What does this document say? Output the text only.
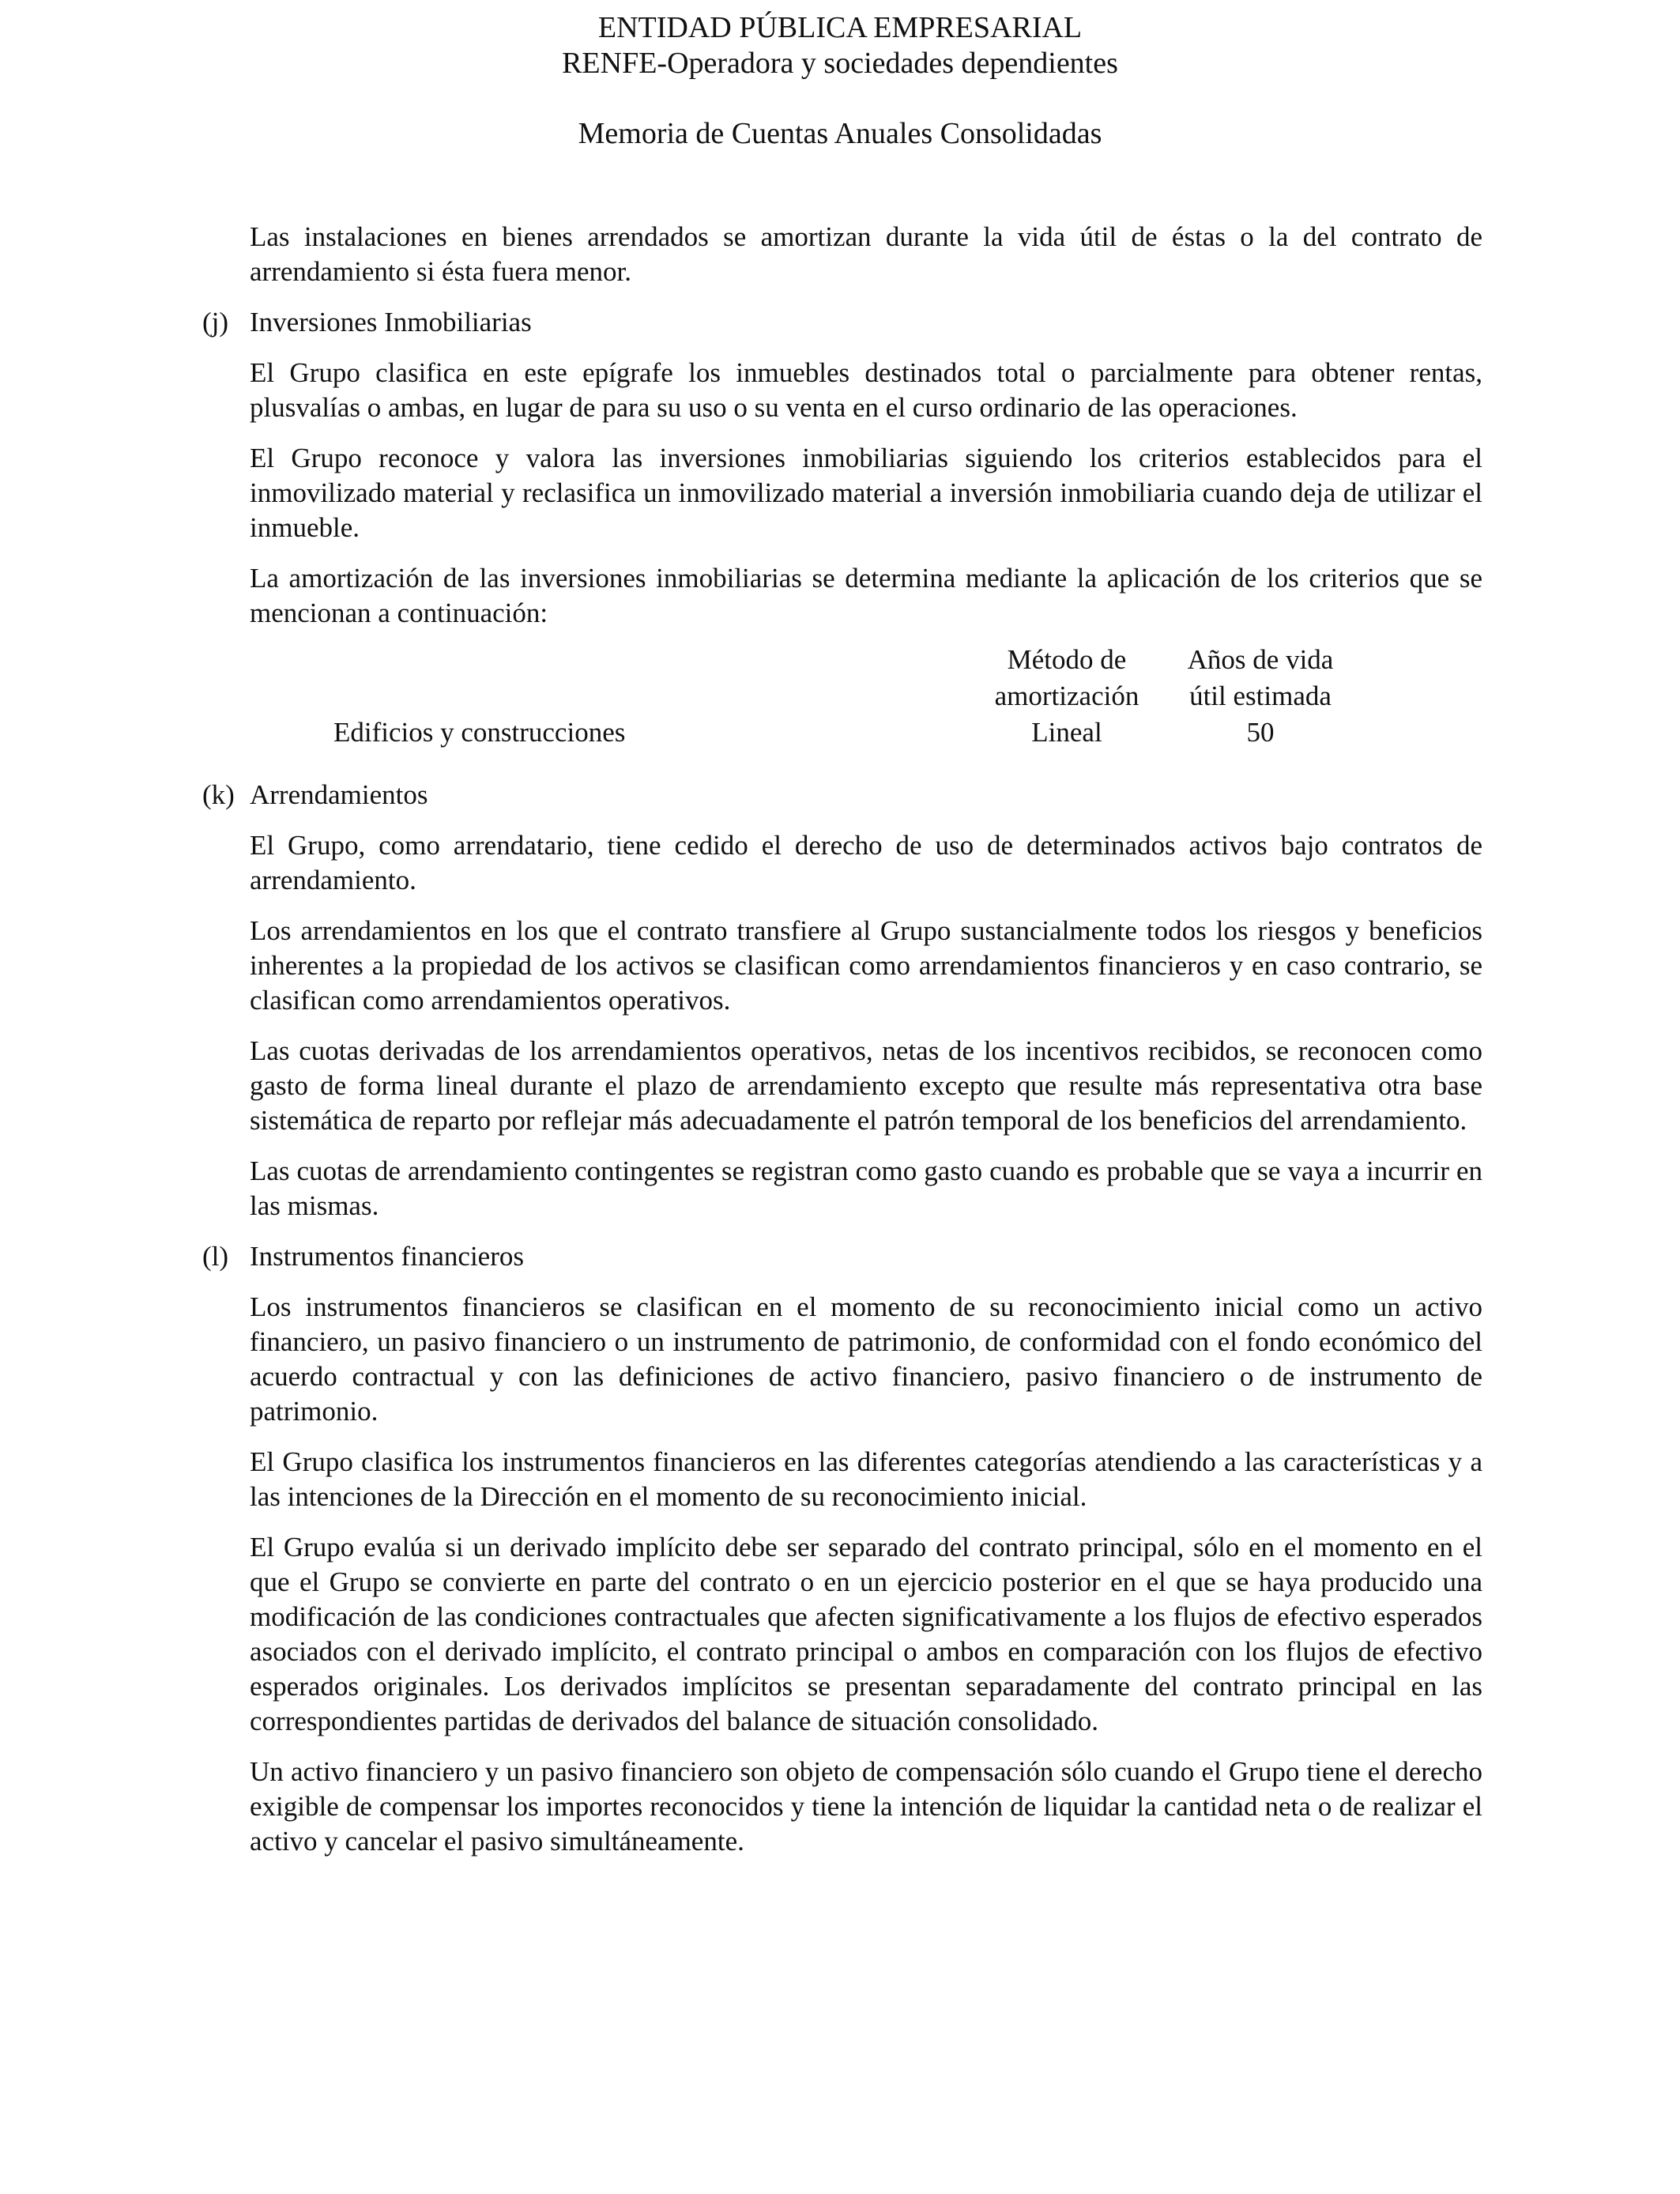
ENTIDAD PÚBLICA EMPRESARIAL
RENFE-Operadora y sociedades dependientes
Memoria de Cuentas Anuales Consolidadas

Las instalaciones en bienes arrendados se amortizan durante la vida útil de éstas o la del contrato de arrendamiento si ésta fuera menor.

(j) Inversiones Inmobiliarias

El Grupo clasifica en este epígrafe los inmuebles destinados total o parcialmente para obtener rentas, plusvalías o ambas, en lugar de para su uso o su venta en el curso ordinario de las operaciones.

El Grupo reconoce y valora las inversiones inmobiliarias siguiendo los criterios establecidos para el inmovilizado material y reclasifica un inmovilizado material a inversión inmobiliaria cuando deja de utilizar el inmueble.

La amortización de las inversiones inmobiliarias se determina mediante la aplicación de los criterios que se mencionan a continuación:

Método de
amortización
Años de vida
útil estimada
Edificios y construcciones	Lineal	50
(k) Arrendamientos

El Grupo, como arrendatario, tiene cedido el derecho de uso de determinados activos bajo contratos de arrendamiento.

Los arrendamientos en los que el contrato transfiere al Grupo sustancialmente todos los riesgos y beneficios inherentes a la propiedad de los activos se clasifican como arrendamientos financieros y en caso contrario, se clasifican como arrendamientos operativos.

Las cuotas derivadas de los arrendamientos operativos, netas de los incentivos recibidos, se reconocen como gasto de forma lineal durante el plazo de arrendamiento excepto que resulte más representativa otra base sistemática de reparto por reflejar más adecuadamente el patrón temporal de los beneficios del arrendamiento.

Las cuotas de arrendamiento contingentes se registran como gasto cuando es probable que se vaya a incurrir en las mismas.

(l) Instrumentos financieros

Los instrumentos financieros se clasifican en el momento de su reconocimiento inicial como un activo financiero, un pasivo financiero o un instrumento de patrimonio, de conformidad con el fondo económico del acuerdo contractual y con las definiciones de activo financiero, pasivo financiero o de instrumento de patrimonio.

El Grupo clasifica los instrumentos financieros en las diferentes categorías atendiendo a las características y a las intenciones de la Dirección en el momento de su reconocimiento inicial.

El Grupo evalúa si un derivado implícito debe ser separado del contrato principal, sólo en el momento en el que el Grupo se convierte en parte del contrato o en un ejercicio posterior en el que se haya producido una modificación de las condiciones contractuales que afecten significativamente a los flujos de efectivo esperados asociados con el derivado implícito, el contrato principal o ambos en comparación con los flujos de efectivo esperados originales. Los derivados implícitos se presentan separadamente del contrato principal en las correspondientes partidas de derivados del balance de situación consolidado.

Un activo financiero y un pasivo financiero son objeto de compensación sólo cuando el Grupo tiene el derecho exigible de compensar los importes reconocidos y tiene la intención de liquidar la cantidad neta o de realizar el activo y cancelar el pasivo simultáneamente.
